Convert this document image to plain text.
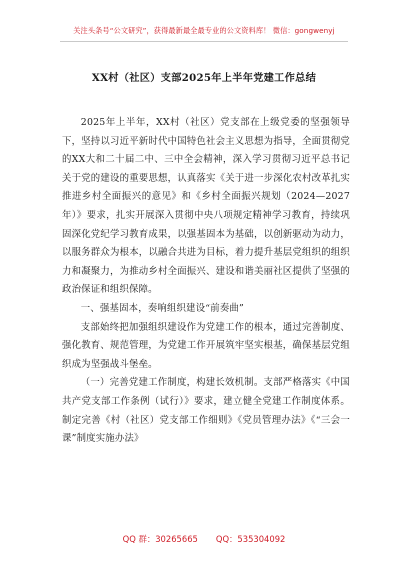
关注头条号“公文研究”，获得最新最全最专业的公文资料库！ 微信：gongwenyj
XX村（社区）支部2025年上半年党建工作总结

2025年上半年，XX村（社区）党支部在上级党委的坚强领导下，坚持以习近平新时代中国特色社会主义思想为指导，全面贯彻党的XX大和二十届二中、三中全会精神，深入学习贯彻习近平总书记关于党的建设的重要思想，认真落实《关于进一步深化农村改革扎实推进乡村全面振兴的意见》和《乡村全面振兴规划（2024—2027年）》要求，扎实开展深入贯彻中央八项规定精神学习教育，持续巩固深化党纪学习教育成果，以强基固本为基础，以创新驱动为动力，以服务群众为根本，以融合共进为目标，着力提升基层党组织的组织力和凝聚力，为推动乡村全面振兴、建设和谐美丽社区提供了坚强的政治保证和组织保障。

一、强基固本，奏响组织建设“前奏曲”

支部始终把加强组织建设作为党建工作的根本，通过完善制度、强化教育、规范管理，为党建工作开展筑牢坚实根基，确保基层党组织成为坚强战斗堡垒。

（一）完善党建工作制度，构建长效机制。支部严格落实《中国共产党支部工作条例（试行）》要求，建立健全党建工作制度体系。制定完善《村（社区）党支部工作细则》《党员管理办法》《“三会一课”制度实施办法》

QQ 群：30265665 QQ：535304092
